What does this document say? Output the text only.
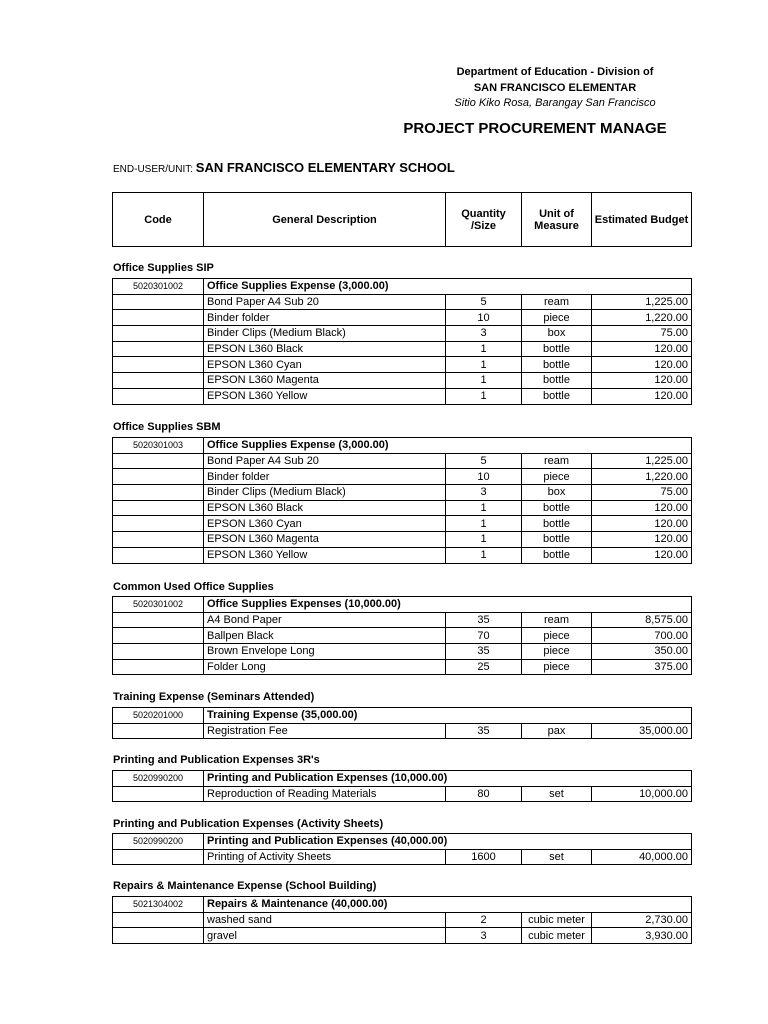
Department of Education - Division of
SAN FRANCISCO ELEMENTAR
Sitio Kiko Rosa, Barangay San Francisco
PROJECT PROCUREMENT MANAGE
END-USER/UNIT: SAN FRANCISCO ELEMENTARY SCHOOL
Code	General Description	Quantity /Size	Unit of Measure	Estimated Budget
Office Supplies SIP
5020301002	Office Supplies Expense (3,000.00)			
	Bond Paper A4 Sub 20	5	ream	1,225.00
	Binder folder	10	piece	1,220.00
	Binder Clips (Medium Black)	3	box	75.00
	EPSON L360 Black	1	bottle	120.00
	EPSON L360 Cyan	1	bottle	120.00
	EPSON L360 Magenta	1	bottle	120.00
	EPSON L360 Yellow	1	bottle	120.00
Office Supplies SBM
5020301003	Office Supplies Expense (3,000.00)			
	Bond Paper A4 Sub 20	5	ream	1,225.00
	Binder folder	10	piece	1,220.00
	Binder Clips (Medium Black)	3	box	75.00
	EPSON L360 Black	1	bottle	120.00
	EPSON L360 Cyan	1	bottle	120.00
	EPSON L360 Magenta	1	bottle	120.00
	EPSON L360 Yellow	1	bottle	120.00
Common Used Office Supplies
5020301002	Office Supplies Expenses (10,000.00)			
	A4 Bond Paper	35	ream	8,575.00
	Ballpen Black	70	piece	700.00
	Brown Envelope Long	35	piece	350.00
	Folder Long	25	piece	375.00
Training Expense (Seminars Attended)
5020201000	Training Expense (35,000.00)			
	Registration Fee	35	pax	35,000.00
Printing and Publication Expenses 3R's
5020990200	Printing and Publication Expenses (10,000.00)			
	Reproduction of Reading Materials	80	set	10,000.00
Printing and Publication Expenses (Activity Sheets)
5020990200	Printing and Publication Expenses (40,000.00)			
	Printing of Activity Sheets	1600	set	40,000.00
Repairs & Maintenance Expense (School Building)
5021304002	Repairs & Maintenance (40,000.00)			
	washed sand	2	cubic meter	2,730.00
	gravel	3	cubic meter	3,930.00
